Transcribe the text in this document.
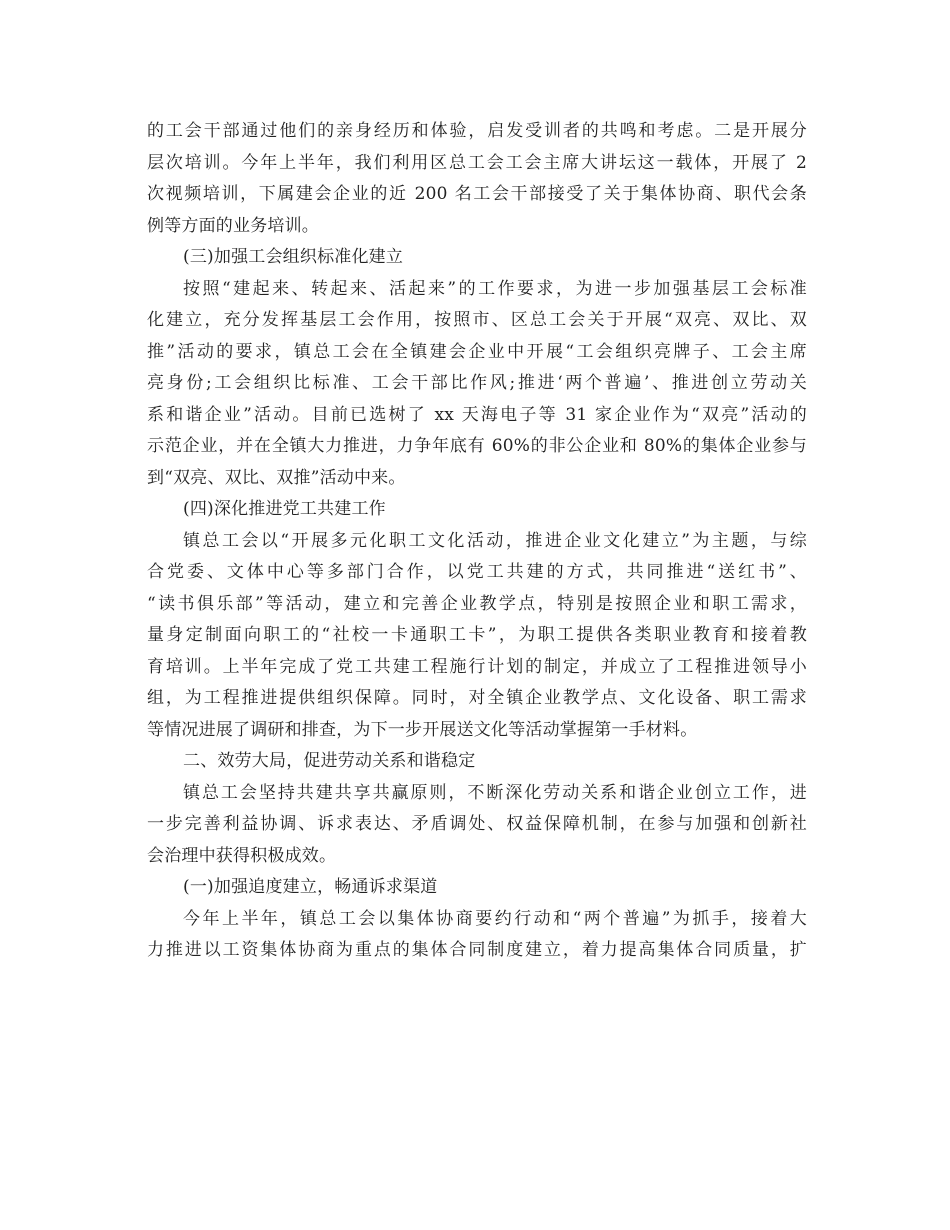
的工会干部通过他们的亲身经历和体验，启发受训者的共鸣和考虑。二是开展分
层次培训。今年上半年，我们利用区总工会工会主席大讲坛这一载体，开展了 2
次视频培训，下属建会企业的近 200 名工会干部接受了关于集体协商、职代会条
例等方面的业务培训。
(三)加强工会组织标准化建立
按照“建起来、转起来、活起来”的工作要求，为进一步加强基层工会标准
化建立，充分发挥基层工会作用，按照市、区总工会关于开展“双亮、双比、双
推”活动的要求，镇总工会在全镇建会企业中开展“工会组织亮牌子、工会主席
亮身份;工会组织比标准、工会干部比作风;推进‘两个普遍’、推进创立劳动关
系和谐企业”活动。目前已选树了 xx 天海电子等 31 家企业作为“双亮”活动的
示范企业，并在全镇大力推进，力争年底有 60%的非公企业和 80%的集体企业参与
到“双亮、双比、双推”活动中来。
(四)深化推进党工共建工作
镇总工会以“开展多元化职工文化活动，推进企业文化建立”为主题，与综
合党委、文体中心等多部门合作，以党工共建的方式，共同推进“送红书”、
“读书俱乐部”等活动，建立和完善企业教学点，特别是按照企业和职工需求，
量身定制面向职工的“社校一卡通职工卡”，为职工提供各类职业教育和接着教
育培训。上半年完成了党工共建工程施行计划的制定，并成立了工程推进领导小
组，为工程推进提供组织保障。同时，对全镇企业教学点、文化设备、职工需求
等情况进展了调研和排查，为下一步开展送文化等活动掌握第一手材料。
二、效劳大局，促进劳动关系和谐稳定
镇总工会坚持共建共享共赢原则，不断深化劳动关系和谐企业创立工作，进
一步完善利益协调、诉求表达、矛盾调处、权益保障机制，在参与加强和创新社
会治理中获得积极成效。
(一)加强追度建立，畅通诉求渠道
今年上半年，镇总工会以集体协商要约行动和“两个普遍”为抓手，接着大
力推进以工资集体协商为重点的集体合同制度建立，着力提高集体合同质量，扩
